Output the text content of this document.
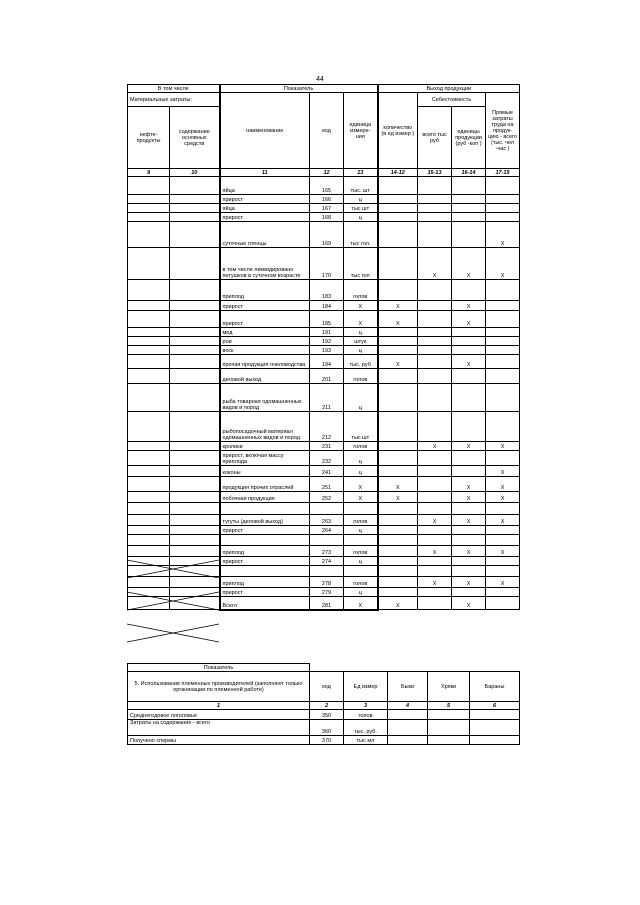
44
В том числе		Показатель			Выход продукции			
Материальные затраты:		наименование	код	единица измере-ния	количество (в ед измер )	Себестоимость		Прямые затраты труда на продук-цию - всего (тыс. чел -час )
нефте-продукты	содержание основных средств					всего тыс руб	единицы продукции (руб -коп )	

9	10	11	12	13	14-12	15-13	16-14	17-15
		яйца	165	тыс. шт				
		прирост	166	ц				
		яйца	167	тыс шт				
		прирост	168	ц				
		суточные птенцы	169	тыс гол.				X
		в том числе ликвидировано петушков в суточном возрасте	170	тыс гол		X	X	X
		приплод	183	голов				
		прирост	184	X	X		X	
		прирост	185	X	X		X	
		мед	191	ц				
		рои	192	штук				
		воск	193	ц				
		прочая продукция пчеловодства	194	тыс. руб	X		X	
		деловой выход	201	голов				
		рыба товарная одомашненных видов и пород	211	ц				
		рыбопосадочный материал одомашненных видов и пород	212	тыс шт				
		кролики	231	голов		X	X	X
		прирост, включая массу приплода	232	ц				
		коконы	241	ц				X
		продукция прочих отраслей	251	X	X		X	X
		побочная продукция	252	X	X		X	X

		тугуты (деловой выход)	263	голов		X	X	X
		прирост	264	ц				

		приплод	273	голов		X	X	X
		прирост	274	ц				

		приплод	278	голов		X	X	X
		прирост	279	ц				
		Всего	281	X	X		X	
Показатель					
5. Использование племенных производителей (заполняют только организации по племенной работе)	код	Ед измер	Быки	Хряки	Бараны
1	2	3	4	5	6
Среднегодовое поголовье	350	голов			
Затраты на содержание - всего	360	тыс. руб.			
Получено спермы	370	тыс мл			
